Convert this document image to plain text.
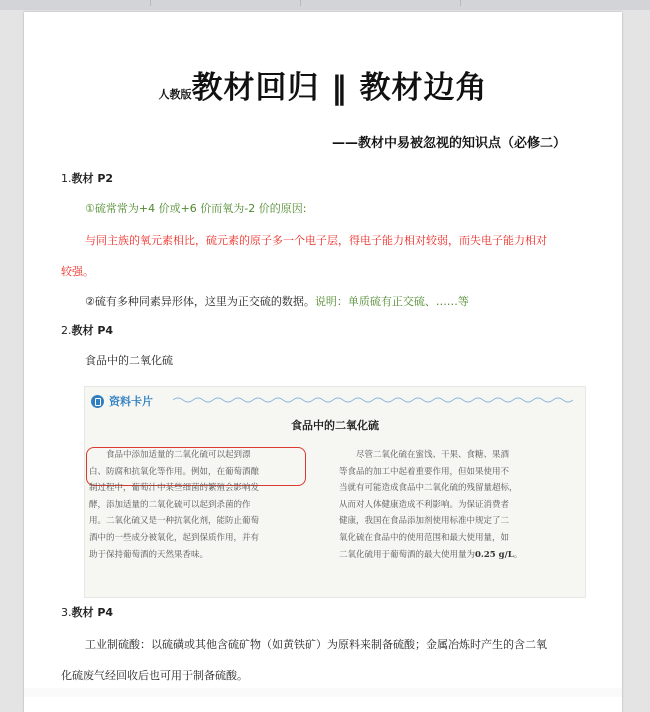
人教版教材回归 ‖ 教材边角
——教材中易被忽视的知识点（必修二）
1.教材 P2
①硫常常为+4 价或+6 价而氧为-2 价的原因:
与同主族的氧元素相比，硫元素的原子多一个电子层，得电子能力相对较弱，而失电子能力相对
较强。
②硫有多种同素异形体，这里为正交硫的数据。说明：单质硫有正交硫、……等
2.教材 P4
食品中的二氧化硫
资料卡片
食品中的二氧化硫

　　食品中添加适量的二氧化硫可以起到漂

白、防腐和抗氧化等作用。例如，在葡萄酒酿

制过程中，葡萄汁中某些细菌的繁殖会影响发

酵，添加适量的二氧化硫可以起到杀菌的作

用。二氧化硫又是一种抗氧化剂，能防止葡萄

酒中的一些成分被氧化，起到保质作用，并有

助于保持葡萄酒的天然果香味。

　　尽管二氧化硫在蜜饯、干果、食糖、果酒

等食品的加工中起着重要作用，但如果使用不

当就有可能造成食品中二氧化硫的残留量超标，

从而对人体健康造成不利影响。为保证消费者

健康，我国在食品添加剂使用标准中规定了二

氧化硫在食品中的使用范围和最大使用量，如

二氧化硫用于葡萄酒的最大使用量为0.25 g/L。

3.教材 P4
工业制硫酸：以硫磺或其他含硫矿物（如黄铁矿）为原料来制备硫酸；金属冶炼时产生的含二氧
化硫废气经回收后也可用于制备硫酸。
